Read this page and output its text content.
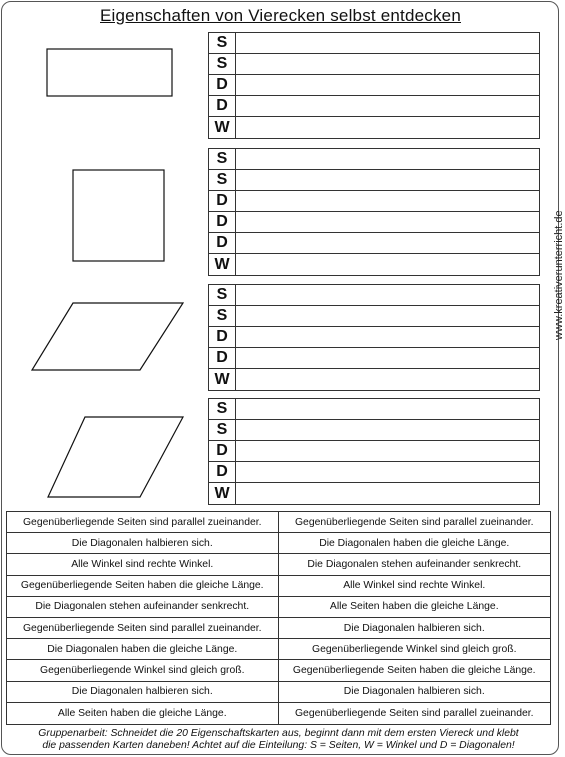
Eigenschaften von Vierecken selbst entdecken
www.kreativerunterricht.de
S
S
D
D
W
S
S
D
D
D
W
S
S
D
D
W
S
S
D
D
W
Gegenüberliegende Seiten sind parallel zueinander.	Gegenüberliegende Seiten sind parallel zueinander.
Die Diagonalen halbieren sich.	Die Diagonalen haben die gleiche Länge.
Alle Winkel sind rechte Winkel.	Die Diagonalen stehen aufeinander senkrecht.
Gegenüberliegende Seiten haben die gleiche Länge.	Alle Winkel sind rechte Winkel.
Die Diagonalen stehen aufeinander senkrecht.	Alle Seiten haben die gleiche Länge.
Gegenüberliegende Seiten sind parallel zueinander.	Die Diagonalen halbieren sich.
Die Diagonalen haben die gleiche Länge.	Gegenüberliegende Winkel sind gleich groß.
Gegenüberliegende Winkel sind gleich groß.	Gegenüberliegende Seiten haben die gleiche Länge.
Die Diagonalen halbieren sich.	Die Diagonalen halbieren sich.
Alle Seiten haben die gleiche Länge.	Gegenüberliegende Seiten sind parallel zueinander.
Gruppenarbeit: Schneidet die 20 Eigenschaftskarten aus, beginnt dann mit dem ersten Viereck und klebt
die passenden Karten daneben! Achtet auf die Einteilung: S = Seiten, W = Winkel und D = Diagonalen!
